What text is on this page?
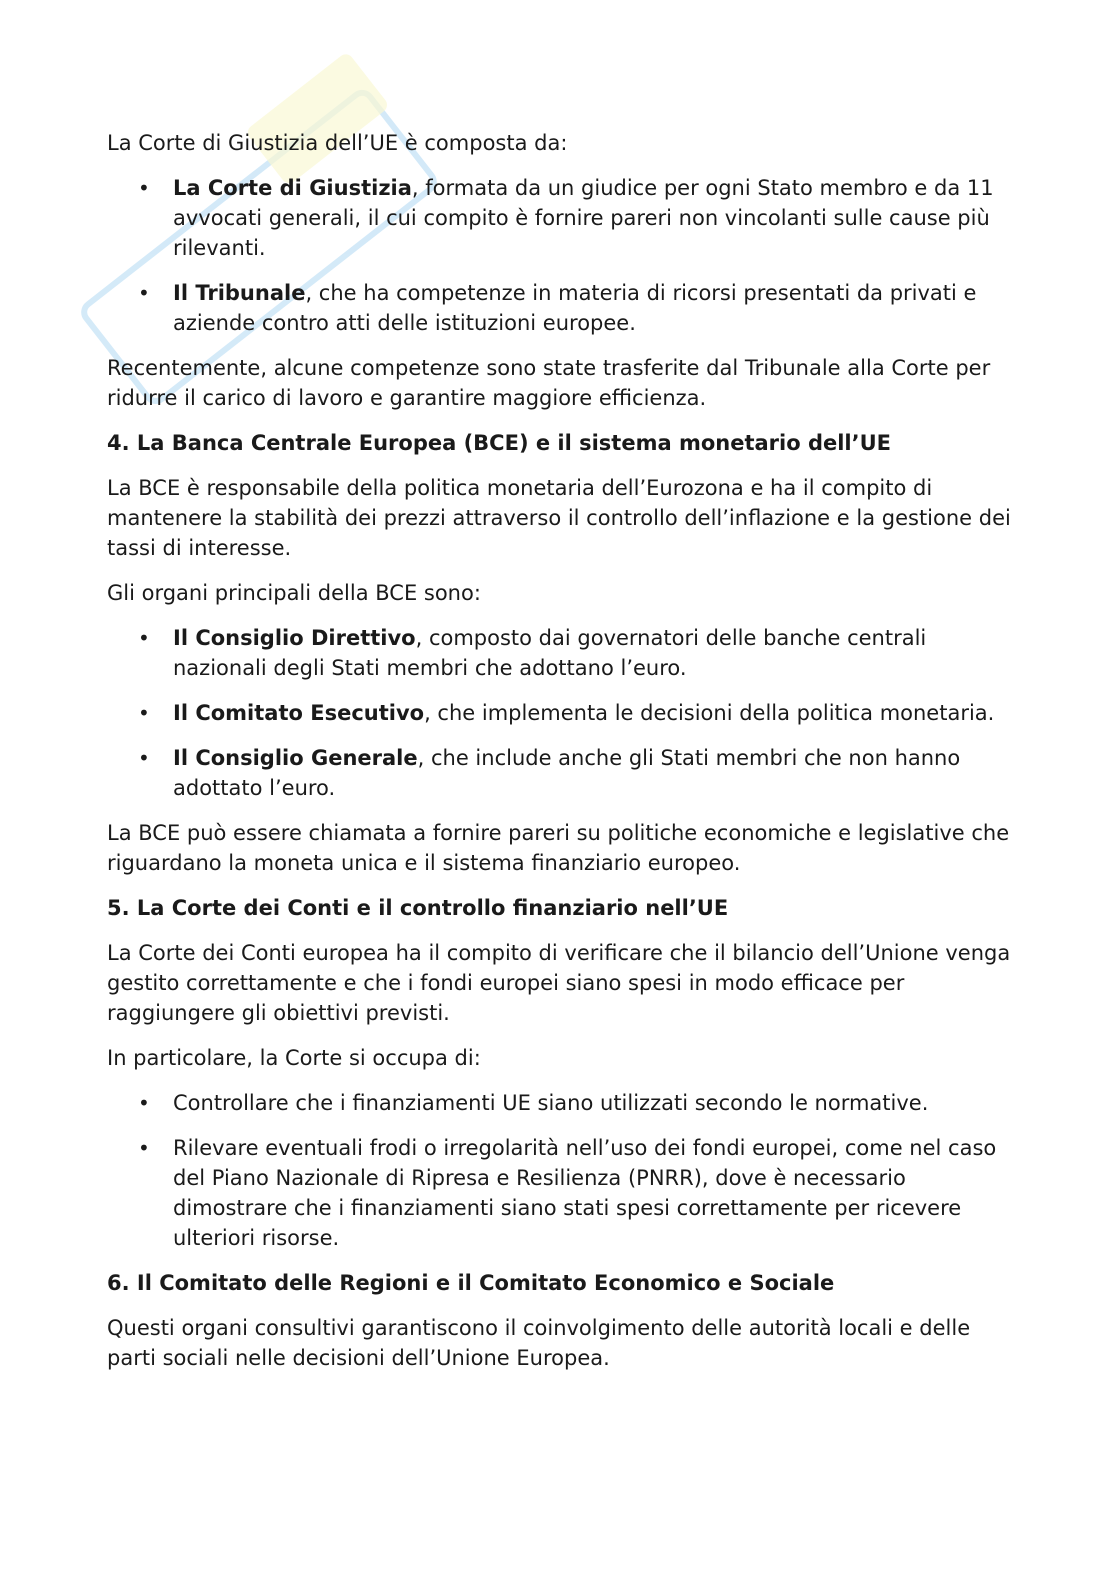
La Corte di Giustizia dell’UE è composta da:

• La Corte di Giustizia, formata da un giudice per ogni Stato membro e da 11 avvocati generali, il cui compito è fornire pareri non vincolanti sulle cause più rilevanti.
• Il Tribunale, che ha competenze in materia di ricorsi presentati da privati e aziende contro atti delle istituzioni europee.

Recentemente, alcune competenze sono state trasferite dal Tribunale alla Corte per ridurre il carico di lavoro e garantire maggiore efficienza.

4. La Banca Centrale Europea (BCE) e il sistema monetario dell’UE

La BCE è responsabile della politica monetaria dell’Eurozona e ha il compito di mantenere la stabilità dei prezzi attraverso il controllo dell’inflazione e la gestione dei tassi di interesse.

Gli organi principali della BCE sono:

• Il Consiglio Direttivo, composto dai governatori delle banche centrali nazionali degli Stati membri che adottano l’euro.
• Il Comitato Esecutivo, che implementa le decisioni della politica monetaria.
• Il Consiglio Generale, che include anche gli Stati membri che non hanno adottato l’euro.

La BCE può essere chiamata a fornire pareri su politiche economiche e legislative che riguardano la moneta unica e il sistema finanziario europeo.

5. La Corte dei Conti e il controllo finanziario nell’UE

La Corte dei Conti europea ha il compito di verificare che il bilancio dell’Unione venga gestito correttamente e che i fondi europei siano spesi in modo efficace per raggiungere gli obiettivi previsti.

In particolare, la Corte si occupa di:

• Controllare che i finanziamenti UE siano utilizzati secondo le normative.
• Rilevare eventuali frodi o irregolarità nell’uso dei fondi europei, come nel caso del Piano Nazionale di Ripresa e Resilienza (PNRR), dove è necessario dimostrare che i finanziamenti siano stati spesi correttamente per ricevere ulteriori risorse.
6. Il Comitato delle Regioni e il Comitato Economico e Sociale

Questi organi consultivi garantiscono il coinvolgimento delle autorità locali e delle parti sociali nelle decisioni dell’Unione Europea.
